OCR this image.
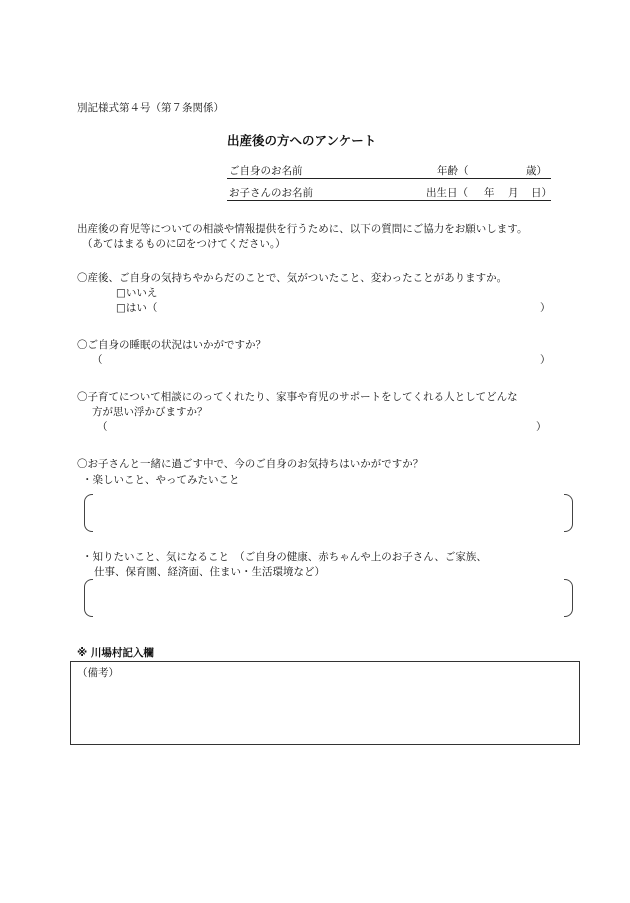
別記様式第４号（第７条関係）
出産後の方へのアンケート
ご自身のお名前	年齢（	歳）
お子さんのお名前	出生日（ 年 月 日）
出産後の育児等についての相談や情報提供を行うために、以下の質問にご協力をお願いします。
（あてはまるものに☑をつけてください。）
〇産後、ご自身の気持ちやからだのことで、気がついたこと、変わったことがありますか。
□いいえ
□はい（	）
〇ご自身の睡眠の状況はいかがですか？
（	）
〇子育てについて相談にのってくれたり、家事や育児のサポートをしてくれる人としてどんな
方が思い浮かびますか？
（	）
〇お子さんと一緒に過ごす中で、今のご自身のお気持ちはいかがですか？
・楽しいこと、やってみたいこと
・知りたいこと、気になること　（ご自身の健康、赤ちゃんや上のお子さん、ご家族、
仕事、保育園、経済面、住まい・生活環境など）
※ 川場村記入欄
（備考）
